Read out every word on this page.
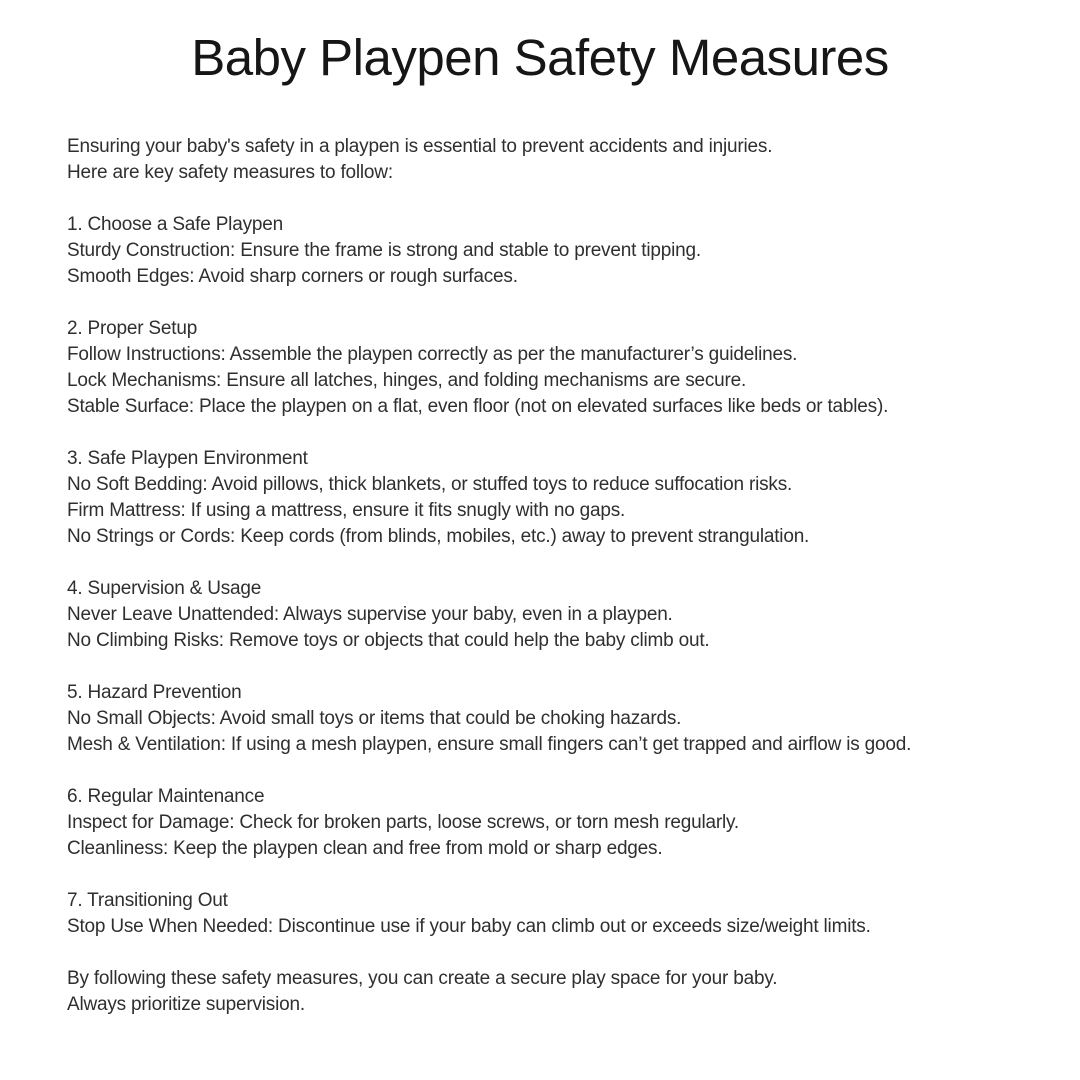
Baby Playpen Safety Measures
Ensuring your baby's safety in a playpen is essential to prevent accidents and injuries.
Here are key safety measures to follow:
1. Choose a Safe Playpen
Sturdy Construction: Ensure the frame is strong and stable to prevent tipping.
Smooth Edges: Avoid sharp corners or rough surfaces.
2. Proper Setup
Follow Instructions: Assemble the playpen correctly as per the manufacturer’s guidelines.
Lock Mechanisms: Ensure all latches, hinges, and folding mechanisms are secure.
Stable Surface: Place the playpen on a flat, even floor (not on elevated surfaces like beds or tables).
3. Safe Playpen Environment
No Soft Bedding: Avoid pillows, thick blankets, or stuffed toys to reduce suffocation risks.
Firm Mattress: If using a mattress, ensure it fits snugly with no gaps.
No Strings or Cords: Keep cords (from blinds, mobiles, etc.) away to prevent strangulation.
4. Supervision & Usage
Never Leave Unattended: Always supervise your baby, even in a playpen.
No Climbing Risks: Remove toys or objects that could help the baby climb out.
5. Hazard Prevention
No Small Objects: Avoid small toys or items that could be choking hazards.
Mesh & Ventilation: If using a mesh playpen, ensure small fingers can’t get trapped and airflow is good.
6. Regular Maintenance
Inspect for Damage: Check for broken parts, loose screws, or torn mesh regularly.
Cleanliness: Keep the playpen clean and free from mold or sharp edges.
7. Transitioning Out
Stop Use When Needed: Discontinue use if your baby can climb out or exceeds size/weight limits.
By following these safety measures, you can create a secure play space for your baby.
Always prioritize supervision.
